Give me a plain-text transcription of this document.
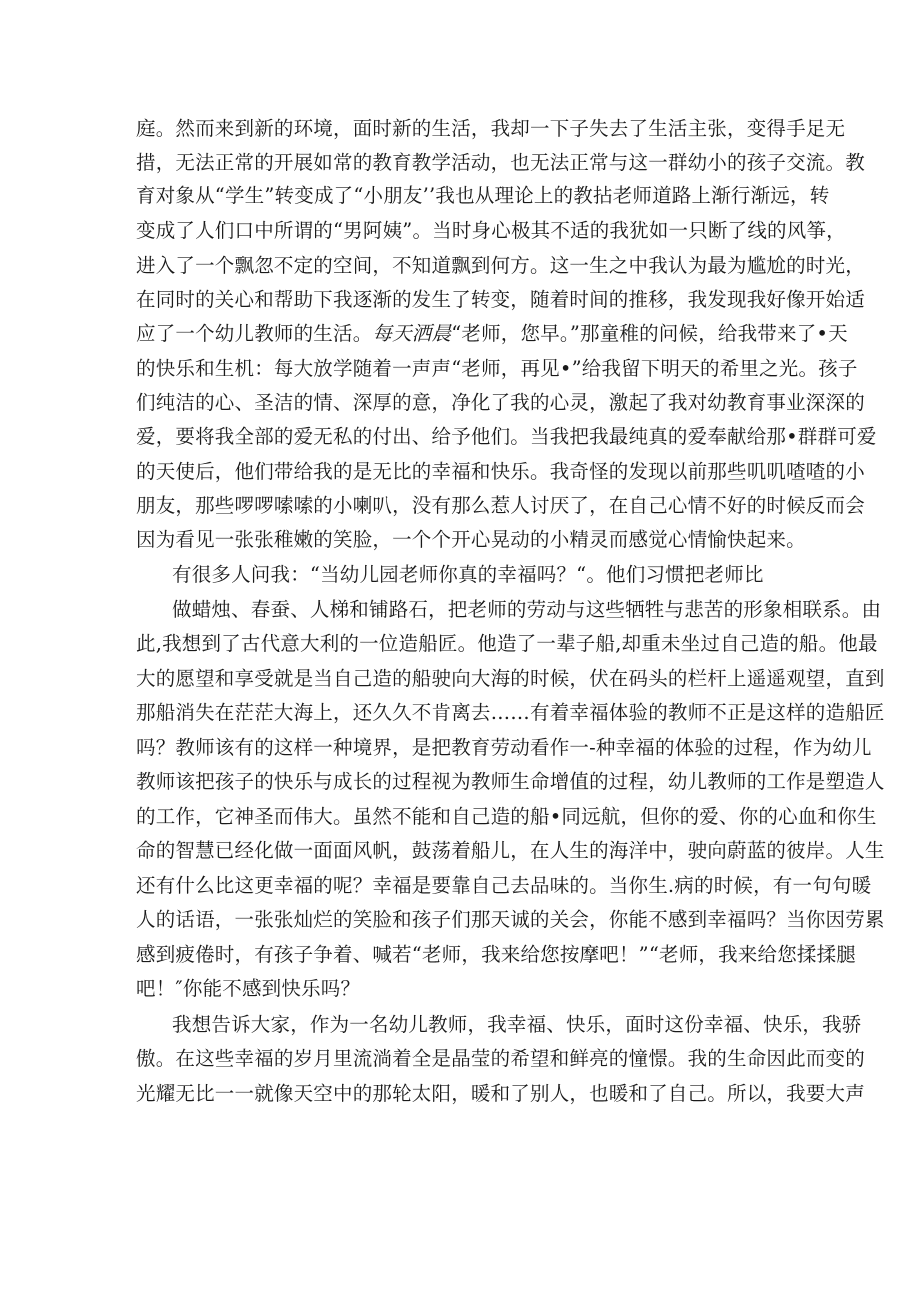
庭。然而来到新的环境，面时新的生活，我却一下子失去了生活主张，变得手足无
措，无法正常的开展如常的教育教学活动，也无法正常与这一群幼小的孩子交流。教
育对象从“学生”转变成了“小朋友’’我也从理论上的教拈老师道路上渐行渐远，转
变成了人们口中所谓的“男阿姨”。当时身心极其不适的我犹如一只断了线的风筝，
进入了一个飘忽不定的空间，不知道飘到何方。这一生之中我认为最为尴尬的时光，
在同时的关心和帮助下我逐渐的发生了转变，随着时间的推移，我发现我好像开始适
应了一个幼儿教师的生活。每天洒晨“老师，您早。”那童稚的问候，给我带来了•天
的快乐和生机：每大放学随着一声声“老师，再见•”给我留下明天的希里之光。孩子
们纯洁的心、圣洁的情、深厚的意，净化了我的心灵，激起了我对幼教育事业深深的
爱，要将我全部的爱无私的付出、给予他们。当我把我最纯真的爱奉献给那•群群可爱
的天使后，他们带给我的是无比的幸福和快乐。我奇怪的发现以前那些叽叽喳喳的小
朋友，那些啰啰嗦嗦的小喇叭，没有那么惹人讨厌了，在自己心情不好的时候反而会
因为看见一张张稚嫩的笑脸，一个个开心晃动的小精灵而感觉心情愉快起来。
有很多人问我：“当幼儿园老师你真的幸福吗？“。他们习惯把老师比
做蜡烛、春蚕、人梯和铺路石，把老师的劳动与这些牺牲与悲苦的形象相联系。由
此,我想到了古代意大利的一位造船匠。他造了一辈子船,却重未坐过自己造的船。他最
大的愿望和享受就是当自己造的船驶向大海的时候，伏在码头的栏杆上遥遥观望，直到
那船消失在茫茫大海上，还久久不肯离去……有着幸福体验的教师不正是这样的造船匠
吗？教师该有的这样一种境界，是把教育劳动看作一-种幸福的体验的过程，作为幼儿
教师该把孩子的快乐与成长的过程视为教师生命增值的过程，幼儿教师的工作是塑造人
的工作，它神圣而伟大。虽然不能和自己造的船•同远航，但你的爱、你的心血和你生
命的智慧已经化做一面面风帆，鼓荡着船儿，在人生的海洋中，驶向蔚蓝的彼岸。人生
还有什么比这更幸福的呢？幸福是要靠自己去品味的。当你生.病的时候，有一句句暖
人的话语，一张张灿烂的笑脸和孩子们那天诚的关会，你能不感到幸福吗？当你因劳累
感到疲倦时，有孩子争着、喊若“老师，我来给您按摩吧！”“老师，我来给您揉揉腿
吧！″你能不感到快乐吗？
我想告诉大家，作为一名幼儿教师，我幸福、快乐，面时这份幸福、快乐，我骄
傲。在这些幸福的岁月里流淌着全是晶莹的希望和鲜亮的憧憬。我的生命因此而变的
光耀无比一一就像天空中的那轮太阳，暖和了别人，也暖和了自己。所以，我要大声
